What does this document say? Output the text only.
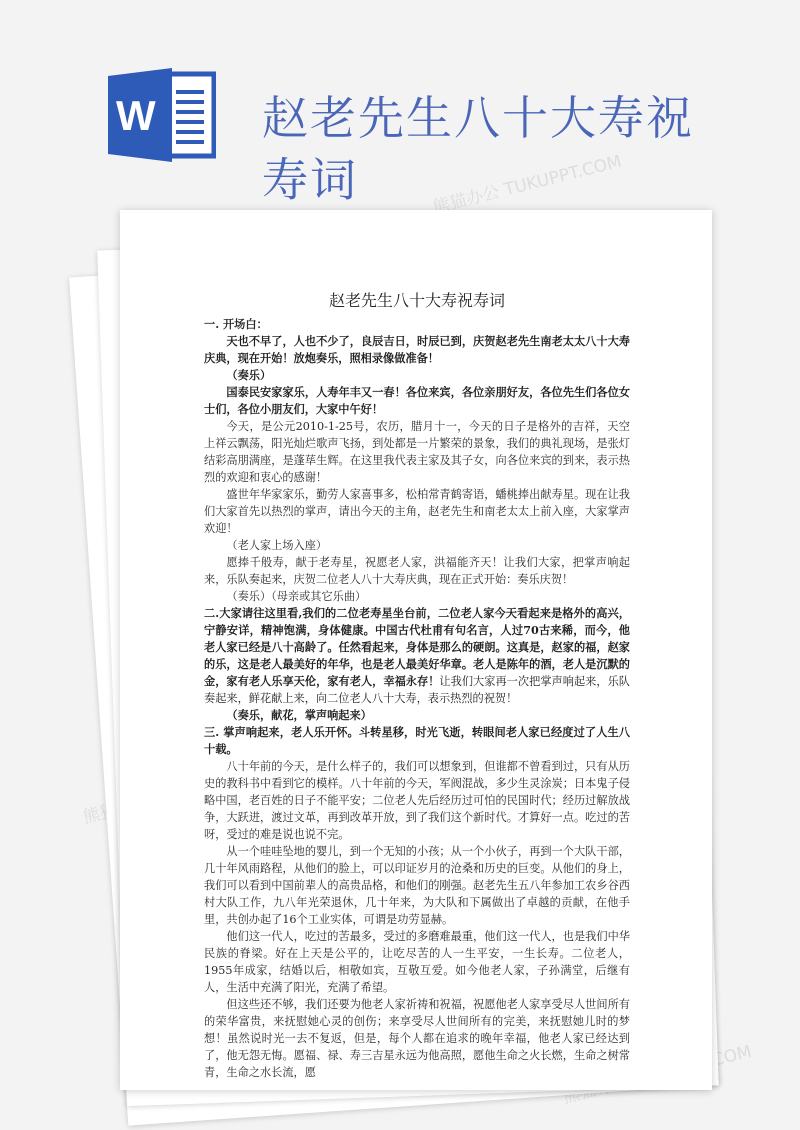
W 赵老先生八十大寿祝寿词	熊猫办公 TUKUPPT.COM
赵老先生八十大寿祝寿词

一. 开场白：

天也不早了，人也不少了，良辰吉日，时辰已到，庆贺赵老先生南老太太八十大寿庆典，现在开始！放炮奏乐，照相录像做准备！

（奏乐）

国泰民安家家乐，人寿年丰又一春！各位来宾，各位亲朋好友，各位先生们各位女士们，各位小朋友们，大家中午好！

今天，是公元2010-1-25号，农历，腊月十一，今天的日子是格外的吉祥，天空上祥云飘荡，阳光灿烂歌声飞扬，到处都是一片繁荣的景象，我们的典礼现场，是张灯结彩高朋满座，是蓬荜生辉。在这里我代表主家及其子女，向各位来宾的到来，表示热烈的欢迎和衷心的感谢！

盛世年华家家乐，勤劳人家喜事多，松柏常青鹤寄语，蟠桃捧出献寿星。现在让我们大家首先以热烈的掌声，请出今天的主角，赵老先生和南老太太上前入座，大家掌声欢迎！

（老人家上场入座）

愿捧千般寿，献于老寿星，祝愿老人家，洪福能齐天！让我们大家，把掌声响起来，乐队奏起来，庆贺二位老人八十大寿庆典，现在正式开始：奏乐庆贺！

（奏乐）（母亲或其它乐曲）

二.大家请往这里看,我们的二位老寿星坐台前，二位老人家今天看起来是格外的高兴，宁静安详，精神饱满，身体健康。中国古代杜甫有句名言，人过70古来稀，而今，他老人家已经是八十高龄了。任然看起来，身体是那么的硬朗。这真是，赵家的福，赵家的乐，这是老人最美好的年华，也是老人最美好华章。老人是陈年的酒，老人是沉默的金，家有老人乐享天伦，家有老人，幸福永存！让我们大家再一次把掌声响起来，乐队奏起来，鲜花献上来，向二位老人八十大寿，表示热烈的祝贺！

（奏乐，献花，掌声响起来）

三. 掌声响起来，老人乐开怀。斗转星移，时光飞逝，转眼间老人家已经度过了人生八十载。

八十年前的今天，是什么样子的，我们可以想象到，但谁都不曾看到过，只有从历史的教科书中看到它的模样。八十年前的今天，军阀混战，多少生灵涂炭；日本鬼子侵略中国，老百姓的日子不能平安；二位老人先后经历过可怕的民国时代；经历过解放战争，大跃进，渡过文革，再到改革开放，到了我们这个新时代。才算好一点。吃过的苦呀，受过的难是说也说不完。

从一个哇哇坠地的婴儿，到一个无知的小孩；从一个小伙子，再到一个大队干部，几十年风雨路程，从他们的脸上，可以印证岁月的沧桑和历史的巨变。从他们的身上，我们可以看到中国前辈人的高贵品格，和他们的刚强。赵老先生五八年参加工农乡谷西村大队工作，九八年光荣退休，几十年来，为大队和下属做出了卓越的贡献，在他手里，共创办起了16个工业实体，可谓是功劳显赫。

他们这一代人，吃过的苦最多，受过的多磨难最重，他们这一代人，也是我们中华民族的脊梁。好在上天是公平的，让吃尽苦的人一生平安，一生长寿。二位老人，1955年成家，结婚以后，相敬如宾，互敬互爱。如今他老人家，子孙满堂，后继有人，生活中充满了阳光，充满了希望。

但这些还不够，我们还要为他老人家祈祷和祝福，祝愿他老人家享受尽人世间所有的荣华富贵，来抚慰她心灵的创伤；来享受尽人世间所有的完美，来抚慰她儿时的梦想！虽然说时光一去不复返，但是，每个人都在追求的晚年幸福，他老人家已经达到了，他无怨无悔。愿福、禄、寿三吉星永远为他高照，愿他生命之火长燃，生命之树常青，生命之水长流，愿
